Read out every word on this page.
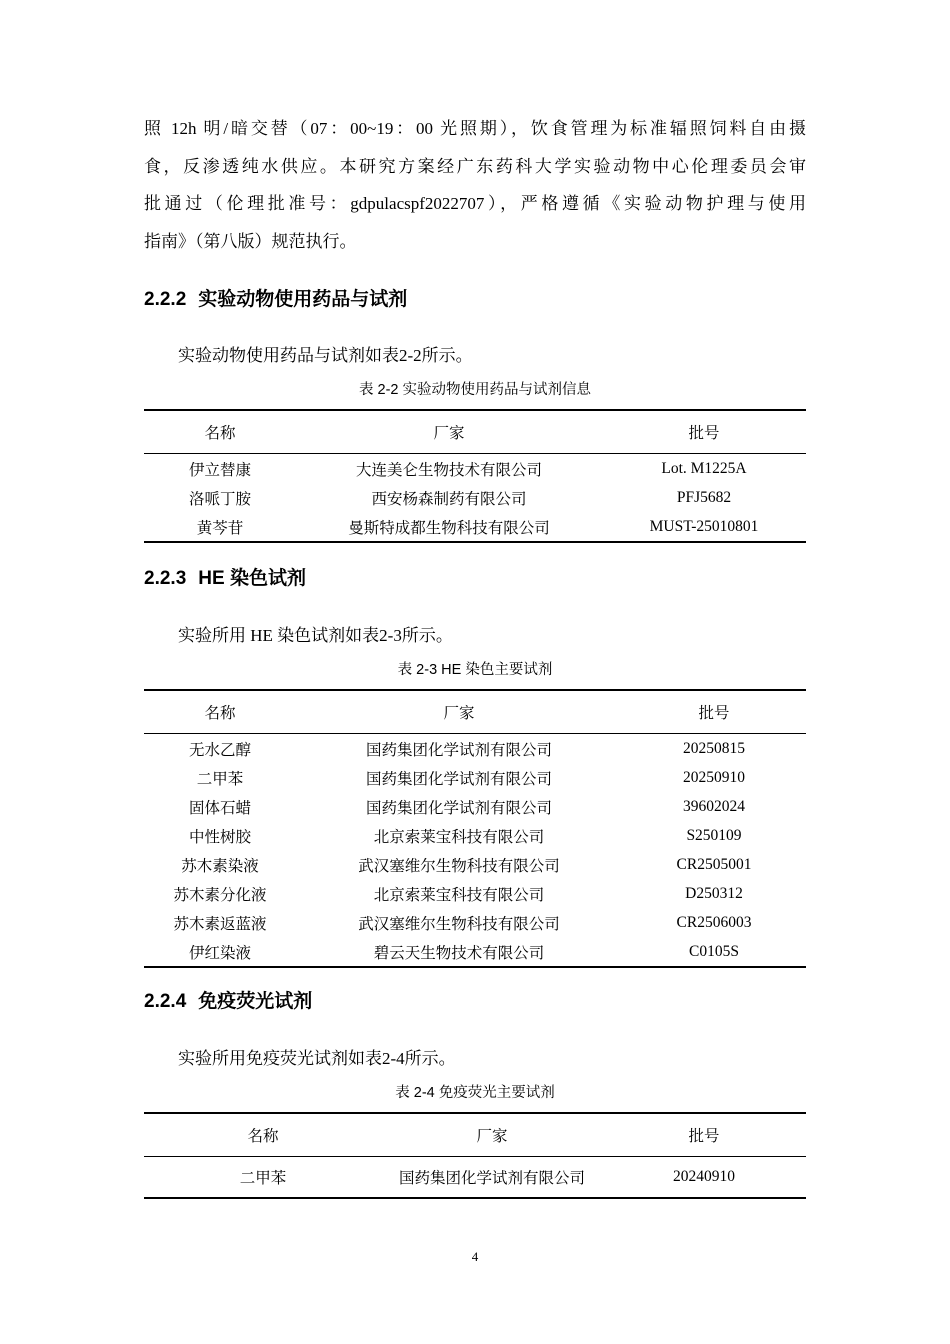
照 12h 明/暗交替（07：00~19：00 光照期），饮食管理为标准辐照饲料自由摄
食，反渗透纯水供应。本研究方案经广东药科大学实验动物中心伦理委员会审
批通过（伦理批准号：gdpulacspf2022707），严格遵循《实验动物护理与使用
指南》（第八版）规范执行。
2.2.2 实验动物使用药品与试剂
实验动物使用药品与试剂如表2-2所示。
表 2-2 实验动物使用药品与试剂信息
名称	厂家	批号
伊立替康	大连美仑生物技术有限公司	Lot. M1225A
洛哌丁胺	西安杨森制药有限公司	PFJ5682
黄芩苷	曼斯特成都生物科技有限公司	MUST-25010801
2.2.3 HE 染色试剂
实验所用 HE 染色试剂如表2-3所示。
表 2-3 HE 染色主要试剂
名称	厂家	批号
无水乙醇	国药集团化学试剂有限公司	20250815
二甲苯	国药集团化学试剂有限公司	20250910
固体石蜡	国药集团化学试剂有限公司	39602024
中性树胶	北京索莱宝科技有限公司	S250109
苏木素染液	武汉塞维尔生物科技有限公司	CR2505001
苏木素分化液	北京索莱宝科技有限公司	D250312
苏木素返蓝液	武汉塞维尔生物科技有限公司	CR2506003
伊红染液	碧云天生物技术有限公司	C0105S
2.2.4 免疫荧光试剂
实验所用免疫荧光试剂如表2-4所示。
表 2-4 免疫荧光主要试剂
名称	厂家	批号
二甲苯	国药集团化学试剂有限公司	20240910
4
